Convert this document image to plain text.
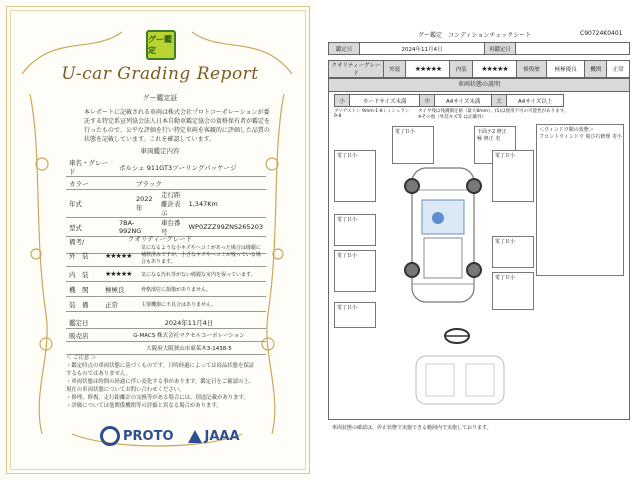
グー鑑定
U-car Grading Report
グー鑑定証
本レポートに記載される車両は株式会社プロトコーポレーションが委託する特定系宣列協会法人日本自動車鑑定協会の資格保有者が鑑定を行ったもので、公平な評価を行い特定車両を客観的に評価した品質の状態を記載しています。これを確認しています。
車両鑑定内容
車名・グレード	ポルシェ 911GT3ツーリングパッケージ		
カラー	ブラック		
年式	2022年	走行距離計表示	1,347Km
型式	7BA-992NG	車台番号	WP0ZZZ99ZNS265203
備考/				クオリティーグレード
外　装	★★★★★	気になるような小キズやヘコミがあった場合は綺麗に補修済みですが、小さなキズやヘコミが残っている場合もあります。
内　装	★★★★★	気になる汚れ等がない綺麗な室内を保っています。
機　関	極極良	骨格部位に損傷がありません。
装　備	正常	主要機器に不具合はありません。
鑑定日	2024年11月4日
販売店	G-MACS 株式会社マクセルコーポレーション
	大阪府大阪狭山市東茱木3-1438-5
＜ ご注意 ＞
・鑑定時点の車両状態に基づくものです。日時経過によっては商品状態を保証するものではありません。
・車両状態は時間の経過に伴い変化する事があります。鑑定日をご確認の上、現在の車両状態についてお問い合わせください。
・修理、修復、走行距離計の交換等がある場合には、別途記載があります。
・評価については他関係機関等の評価と異なる場合があります。
PROTO JAAA
グー鑑定　コンディションチェックシート	C90724K0401
鑑定日	2024年11月4日	再鑑定日	
クオリティーグレード	外装	★★★★★	内装	★★★★★	修復歴	極極優良	機関	正常
車両状態の説明
小	カードサイズ未満	中	A4サイズ未満	大	A4サイズ以上
タイヤ残は残溝測定値（最大8mm）。(1)は使用不可の可能性があります。
※その他（外装キズ等 は記載外）
ブリヂストン 9mm-1-8 / ミシュラン 9-8
電了Ｂ小
電了Ｂ小
電了Ｂ小
電了Ｂ小	下面テ2 修正
極 修正 劣
＜ウィンドウ類の状態＞
フロントウィンドウ 飛び石修理 劣小
電了Ｂ小
電了Ｂ小
電了Ｂ小
電了Ｂ小
車両状態の確認は、停止状態で実施できる範囲内で実施しております。
